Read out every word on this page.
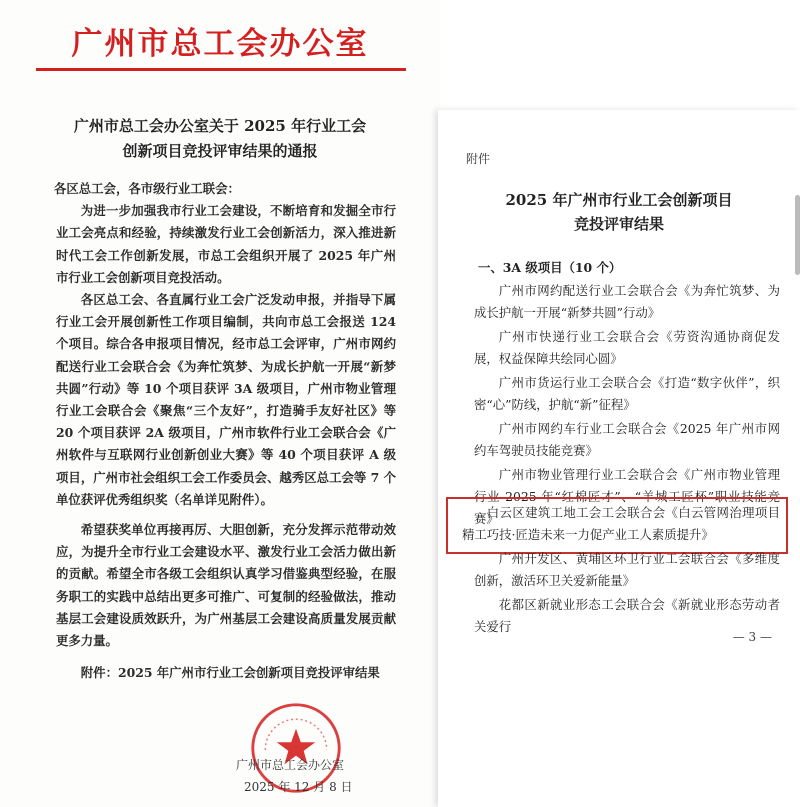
广州市总工会办公室
广州市总工会办公室关于 2025 年行业工会
创新项目竞投评审结果的通报

各区总工会，各市级行业工联会：

为进一步加强我市行业工会建设，不断培育和发掘全市行业工会亮点和经验，持续激发行业工会创新活力，深入推进新时代工会工作创新发展，市总工会组织开展了 2025 年广州市行业工会创新项目竞投活动。

各区总工会、各直属行业工会广泛发动申报，并指导下属行业工会开展创新性工作项目编制，共向市总工会报送 124 个项目。综合各申报项目情况，经市总工会评审，广州市网约配送行业工会联合会《为奔忙筑梦、为成长护航一开展“新梦共圆”行动》等 10 个项目获评 3A 级项目，广州市物业管理行业工会联合会《聚焦“三个友好”，打造骑手友好社区》等 20 个项目获评 2A 级项目，广州市软件行业工会联合会《广州软件与互联网行业创新创业大赛》等 40 个项目获评 A 级项目，广州市社会组织工会工作委员会、越秀区总工会等 7 个单位获评优秀组织奖（名单详见附件）。

希望获奖单位再接再厉、大胆创新，充分发挥示范带动效应，为提升全市行业工会建设水平、激发行业工会活力做出新的贡献。希望全市各级工会组织认真学习借鉴典型经验，在服务职工的实践中总结出更多可推广、可复制的经验做法，推动基层工会建设质效跃升，为广州基层工会建设高质量发展贡献更多力量。

附件：2025 年广州市行业工会创新项目竞投评审结果

广州市总工会办公室
2025 年 12 月 8 日
附件
2025 年广州市行业工会创新项目
竞投评审结果
一、3A 级项目（10 个）
广州市网约配送行业工会联合会《为奔忙筑梦、为成长护航一开展“新梦共圆”行动》
广州市快递行业工会联合会《劳资沟通协商促发展，权益保障共绘同心圆》
广州市货运行业工会联合会《打造“数字伙伴”，织密“心”防线，护航“新”征程》
广州市网约车行业工会联合会《2025 年广州市网约车驾驶员技能竞赛》
广州市物业管理行业工会联合会《广州市物业管理行业 2025 年“红棉匠才”、“羊城工匠杯”职业技能竞赛》
白云区建筑工地工会工会联合会《白云管网治理项目精工巧技·匠造未来一力促产业工人素质提升》
广州开发区、黄埔区环卫行业工会联合会《多维度创新，激活环卫关爱新能量》
花都区新就业形态工会联合会《新就业形态劳动者关爱行
— 3 —
